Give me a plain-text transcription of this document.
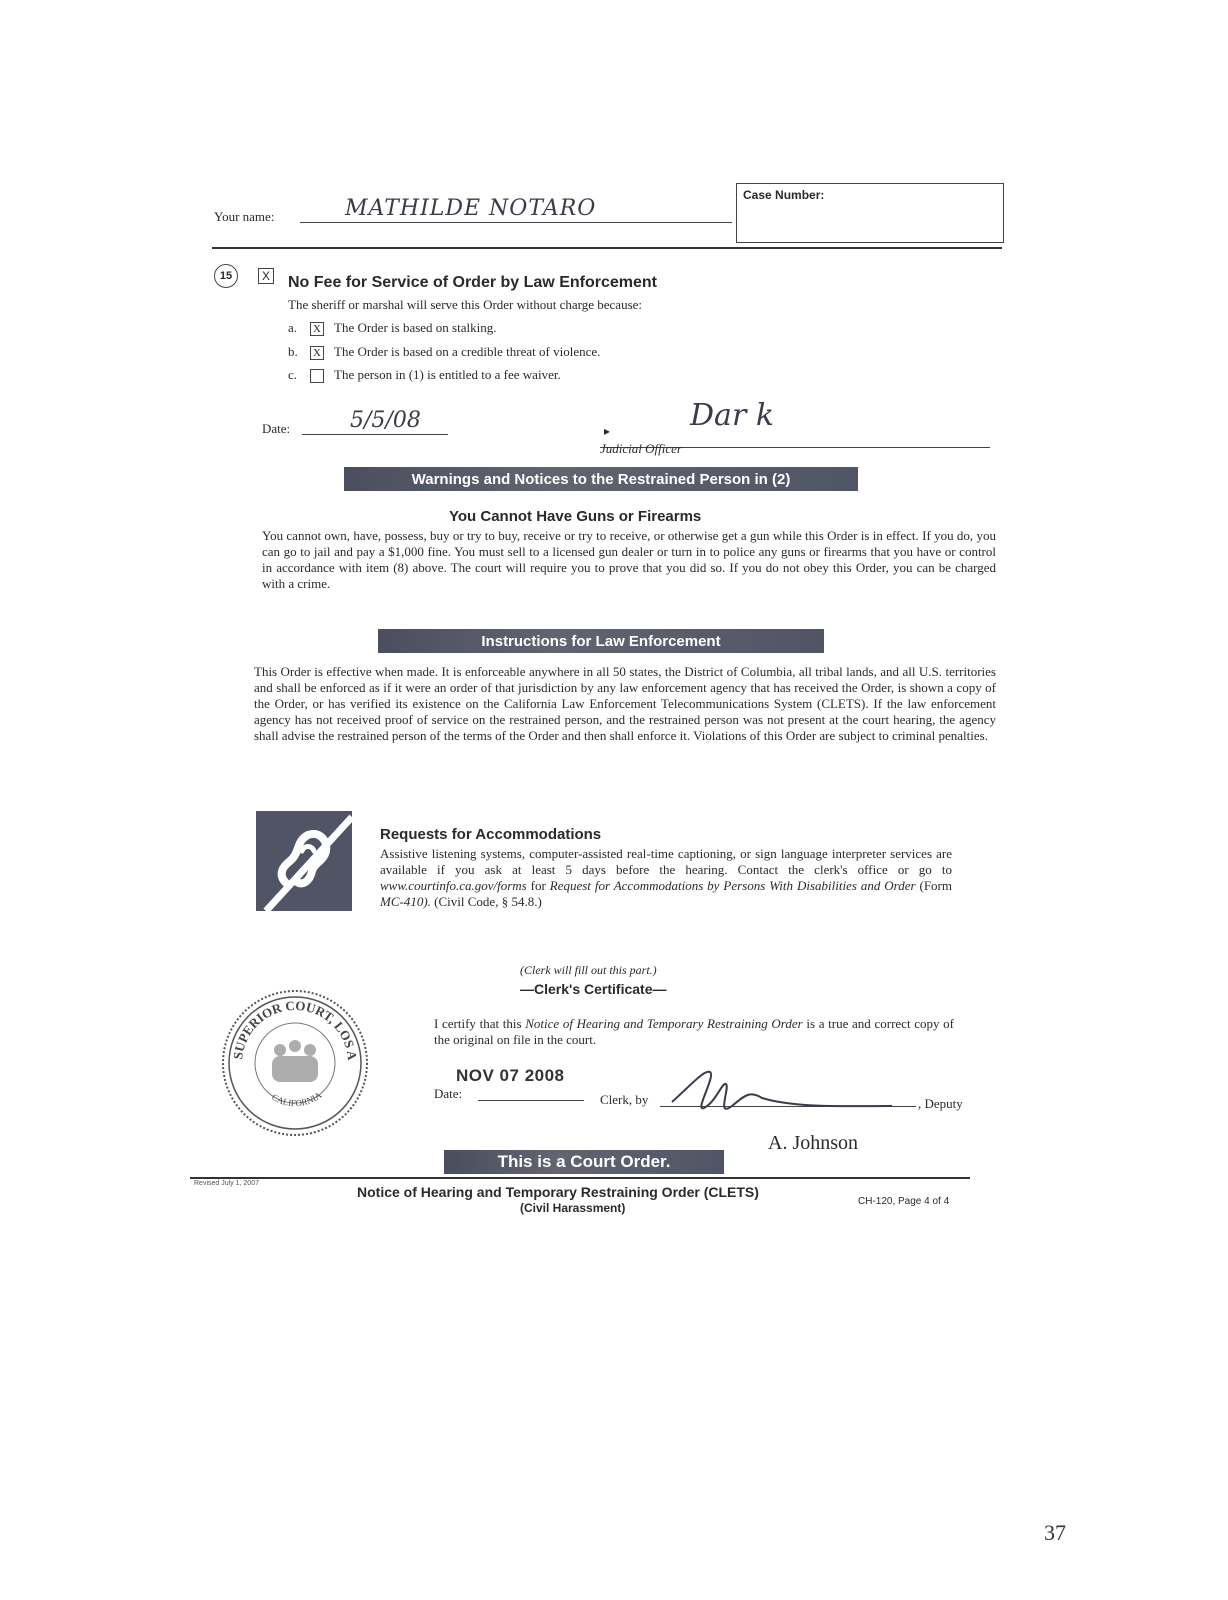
Your name:	MATHILDE NOTARO
Case Number:
15	X No Fee for Service of Order by Law Enforcement
The sheriff or marshal will serve this Order without charge because:
a. X The Order is based on stalking.
b. X The Order is based on a credible threat of violence.
c.	The person in (1) is entitled to a fee waiver.
Date:	5/5/08	▸	Dar k
Judicial Officer
Warnings and Notices to the Restrained Person in (2)
You Cannot Have Guns or Firearms
You cannot own, have, possess, buy or try to buy, receive or try to receive, or otherwise get a gun while this Order is in effect. If you do, you can go to jail and pay a $1,000 fine. You must sell to a licensed gun dealer or turn in to police any guns or firearms that you have or control in accordance with item (8) above. The court will require you to prove that you did so. If you do not obey this Order, you can be charged with a crime.
Instructions for Law Enforcement
This Order is effective when made. It is enforceable anywhere in all 50 states, the District of Columbia, all tribal lands, and all U.S. territories and shall be enforced as if it were an order of that jurisdiction by any law enforcement agency that has received the Order, is shown a copy of the Order, or has verified its existence on the California Law Enforcement Telecommunications System (CLETS). If the law enforcement agency has not received proof of service on the restrained person, and the restrained person was not present at the court hearing, the agency shall advise the restrained person of the terms of the Order and then shall enforce it. Violations of this Order are subject to criminal penalties.
Requests for Accommodations
Assistive listening systems, computer-assisted real-time captioning, or sign language interpreter services are available if you ask at least 5 days before the hearing. Contact the clerk's office or go to www.courtinfo.ca.gov/forms for Request for Accommodations by Persons With Disabilities and Order (Form MC-410). (Civil Code, § 54.8.)
(Clerk will fill out this part.)
—Clerk's Certificate—
SUPERIOR COURT, LOS A
CALIFORNIA
I certify that this Notice of Hearing and Temporary Restraining Order is a true and correct copy of the original on file in the court.
NOV 07 2008
Date:	Clerk, by	, Deputy
A. Johnson
This is a Court Order.
Revised July 1, 2007
Notice of Hearing and Temporary Restraining Order (CLETS)
(Civil Harassment)	CH-120, Page 4 of 4
37
